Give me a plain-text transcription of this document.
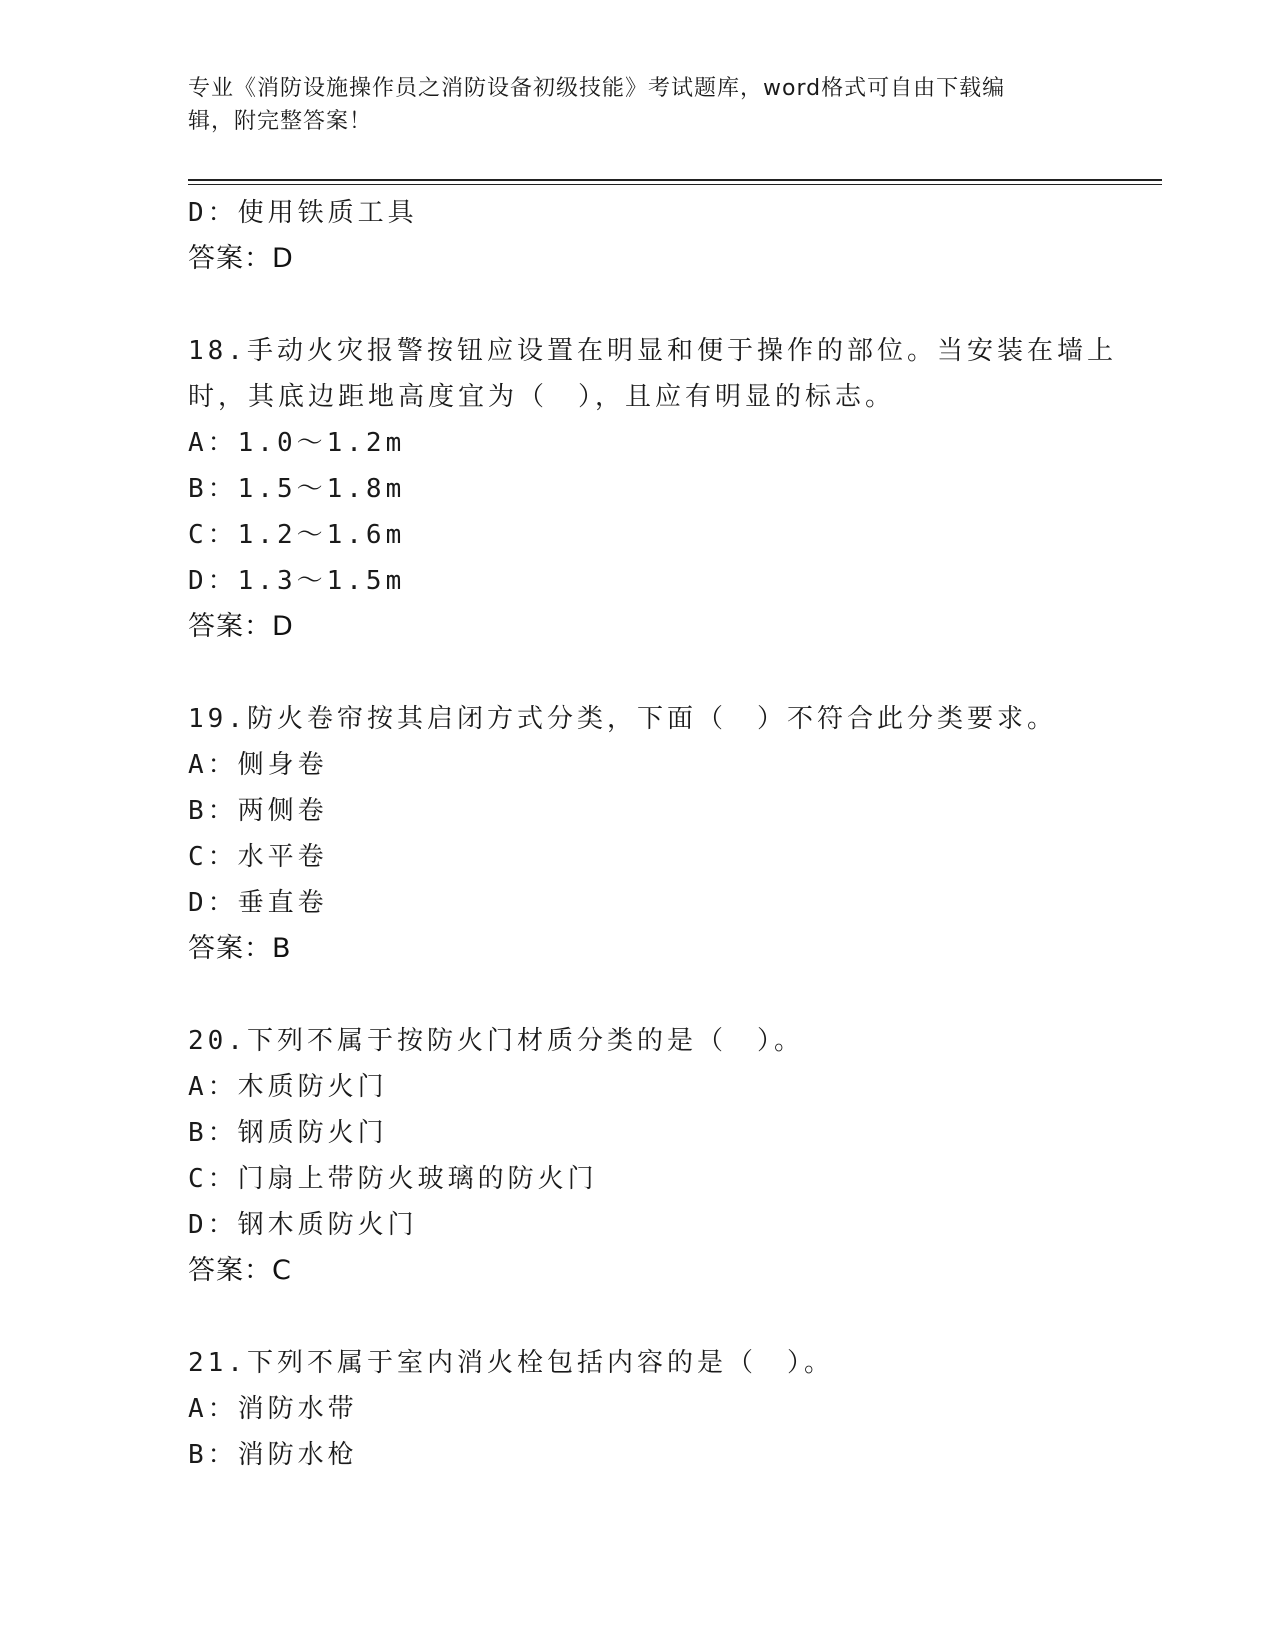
专业《消防设施操作员之消防设备初级技能》考试题库，word格式可自由下载编
辑，附完整答案！
D：使用铁质工具
答案：D
18.手动火灾报警按钮应设置在明显和便于操作的部位。当安装在墙上
时，其底边距地高度宜为（　），且应有明显的标志。
A：1.0～1.2m
B：1.5～1.8m
C：1.2～1.6m
D：1.3～1.5m
答案：D
19.防火卷帘按其启闭方式分类，下面（　）不符合此分类要求。
A：侧身卷
B：两侧卷
C：水平卷
D：垂直卷
答案：B
20.下列不属于按防火门材质分类的是（　）。
A：木质防火门
B：钢质防火门
C：门扇上带防火玻璃的防火门
D：钢木质防火门
答案：C
21.下列不属于室内消火栓包括内容的是（　）。
A：消防水带
B：消防水枪
